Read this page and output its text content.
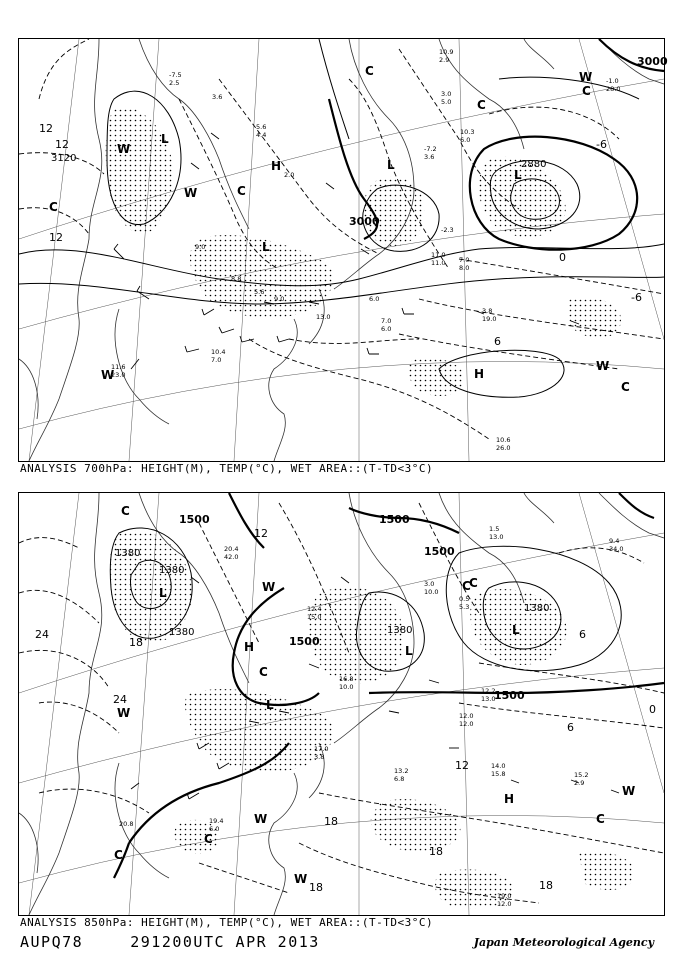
L
W
W
C
C
H
C
L
L
C
L
W
C
W	H
W
C
3120
3000
2880
3000
12
12
12
-6
0
-6
6
-7.5
2.5
3.6
5.6
4.4
2.0
9.0
8.8
5.6
9.0
13.0
11.0
6.0
8.0
3.8
19.0
7.0
6.0
10.4
7.0
11.6
23.0
10.6
26.0
-1.0
28.0
10.9
2.9
-7.2
3.6
3.0
5.0
10.3
6.0
-2.3
11.0
7.0
ANALYSIS 700hPa: HEIGHT(M), TEMP(°C), WET AREA::(T-TD<3°C)
C
L	W
H
C
L
C
L
W
H
W
C
W
C
W
C
C
L
1500
1380
1380
1380
1500
1500
1380
1380
1500
1500
24
18
24
12
18
18
18
18
12
6
6
0
20.4
42.0
12.4
15.0
3.0
10.0
0.5
5.3
12.2
13.0
12.0
12.0
13.2
6.8
14.0
15.8	15.2
2.9
19.4
6.0
20.8
19.0
12.0
9.4
34.0
1.5
13.0
16.8
10.0
17.0
3.8
ANALYSIS 850hPa: HEIGHT(M), TEMP(°C), WET AREA::(T-TD<3°C)
AUPQ78	291200UTC APR 2013	Japan Meteorological Agency
